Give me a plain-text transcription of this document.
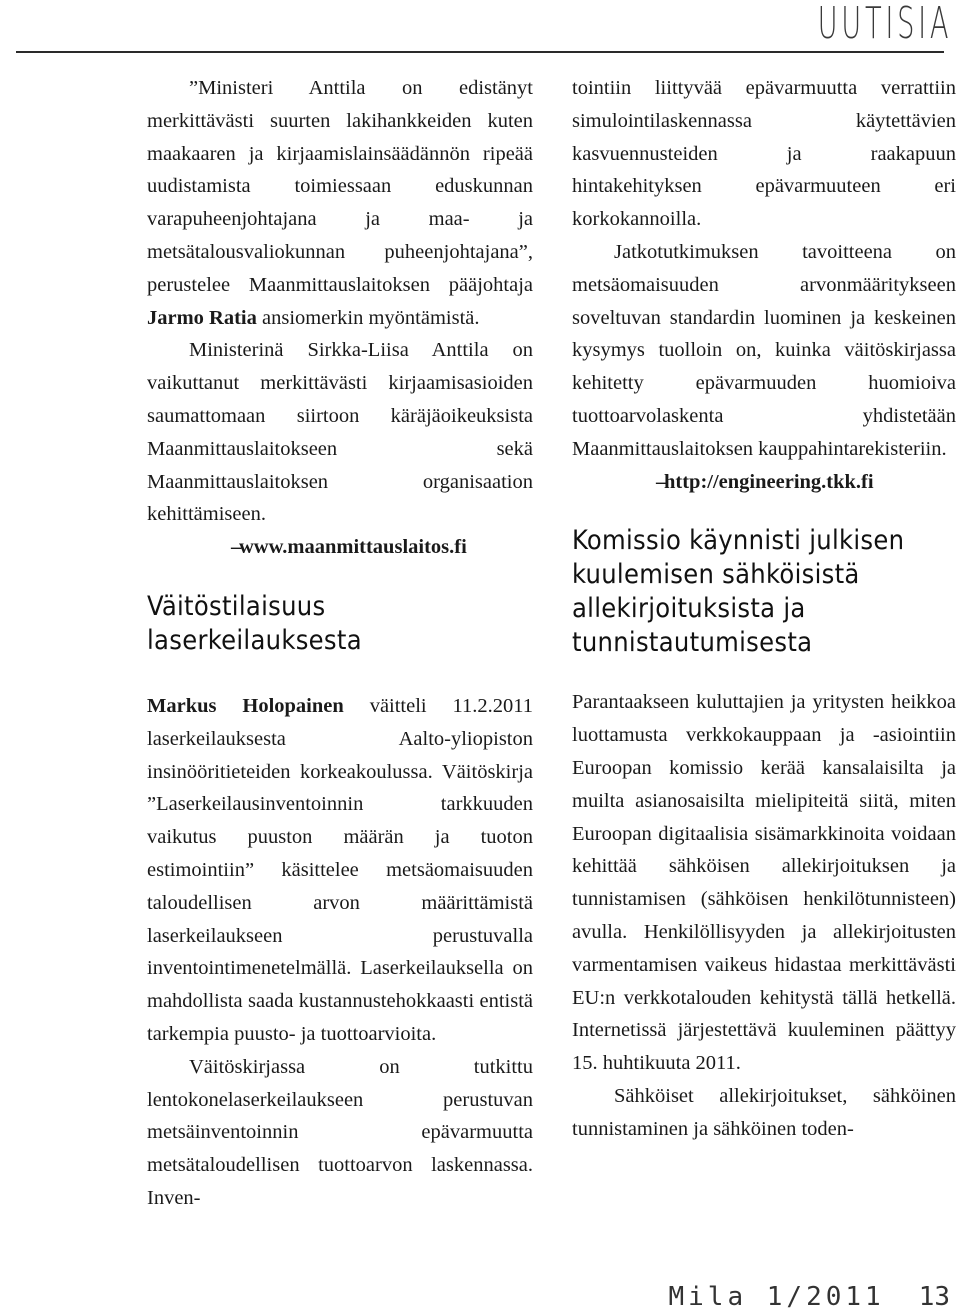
UUTISIA

”Ministeri Anttila on edistänyt merkittävästi suurten lakihankkeiden kuten maakaaren ja kirjaamislainsäädännön ripeää uudistamista toimiessaan eduskunnan varapuheenjohtajana ja maa- ja metsätalousvaliokunnan puheenjohtajana”, perustelee Maanmittauslaitoksen pääjohtaja Jarmo Ratia ansiomerkin myöntämistä.

Ministerinä Sirkka-Liisa Anttila on vaikuttanut merkittävästi kirjaamisasioiden saumattomaan siirtoon käräjäoikeuksista Maanmittauslaitokseen sekä Maanmittauslaitoksen organisaation kehittämiseen.

–www.maanmittauslaitos.fi

Väitöstilaisuus laserkeilauksesta

Markus Holopainen väitteli 11.2.2011 laserkeilauksesta Aalto-yliopiston insinööritieteiden korkeakoulussa. Väitöskirja ”Laserkeilausinventoinnin tarkkuuden vaikutus puuston määrän ja tuoton estimointiin” käsittelee metsäomaisuuden taloudellisen arvon määrittämistä laserkeilaukseen perustuvalla inventointimenetelmällä. Laserkeilauksella on mahdollista saada kustannustehokkaasti entistä tarkempia puusto- ja tuottoarvioita.

Väitöskirjassa on tutkittu lentokonelaserkeilaukseen perustuvan metsäinventoinnin epävarmuutta metsätaloudellisen tuottoarvon laskennassa. Inven-

tointiin liittyvää epävarmuutta verrattiin simulointilaskennassa käytettävien kasvuennusteiden ja raakapuun hintakehityksen epävarmuuteen eri korkokannoilla.

Jatkotutkimuksen tavoitteena on metsäomaisuuden arvonmääritykseen soveltuvan standardin luominen ja keskeinen kysymys tuolloin on, kuinka väitöskirjassa kehitetty epävarmuuden huomioiva tuottoarvolaskenta yhdistetään Maanmittauslaitoksen kauppahintarekisteriin.

–http://engineering.tkk.fi

Komissio käynnisti julkisen kuulemisen sähköisistä allekirjoituksista ja tunnistautumisesta

Parantaakseen kuluttajien ja yritysten heikkoa luottamusta verkkokauppaan ja -asiointiin Euroopan komissio kerää kansalaisilta ja muilta asianosaisilta mielipiteitä siitä, miten Euroopan digitaalisia sisämarkkinoita voidaan kehittää sähköisen allekirjoituksen ja tunnistamisen (sähköisen henkilötunnisteen) avulla. Henkilöllisyyden ja allekirjoitusten varmentamisen vaikeus hidastaa merkittävästi EU:n verkkotalouden kehitystä tällä hetkellä. Internetissä järjestettävä kuuleminen päättyy 15. huhtikuuta 2011.

Sähköiset allekirjoitukset, sähköinen tunnistaminen ja sähköinen toden-

Mila 1/2011 13
